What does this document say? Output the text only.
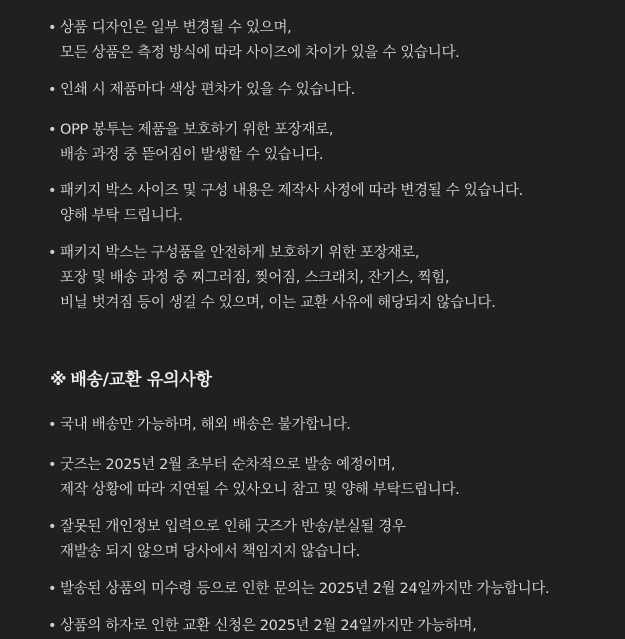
• 상품 디자인은 일부 변경될 수 있으며,
모든 상품은 측정 방식에 따라 사이즈에 차이가 있을 수 있습니다.
• 인쇄 시 제품마다 색상 편차가 있을 수 있습니다.
• OPP 봉투는 제품을 보호하기 위한 포장재로,
배송 과정 중 뜯어짐이 발생할 수 있습니다.
• 패키지 박스 사이즈 및 구성 내용은 제작사 사정에 따라 변경될 수 있습니다.
양해 부탁 드립니다.
• 패키지 박스는 구성품을 안전하게 보호하기 위한 포장재로,
포장 및 배송 과정 중 찌그러짐, 찢어짐, 스크래치, 잔기스, 찍힘,
비닐 벗겨짐 등이 생길 수 있으며, 이는 교환 사유에 해당되지 않습니다.
※ 배송/교환 유의사항
• 국내 배송만 가능하며, 해외 배송은 불가합니다.
• 굿즈는 2025년 2월 초부터 순차적으로 발송 예정이며,
제작 상황에 따라 지연될 수 있사오니 참고 및 양해 부탁드립니다.
• 잘못된 개인정보 입력으로 인해 굿즈가 반송/분실될 경우
재발송 되지 않으며 당사에서 책임지지 않습니다.
• 발송된 상품의 미수령 등으로 인한 문의는 2025년 2월 24일까지만 가능합니다.
• 상품의 하자로 인한 교환 신청은 2025년 2월 24일까지만 가능하며,
